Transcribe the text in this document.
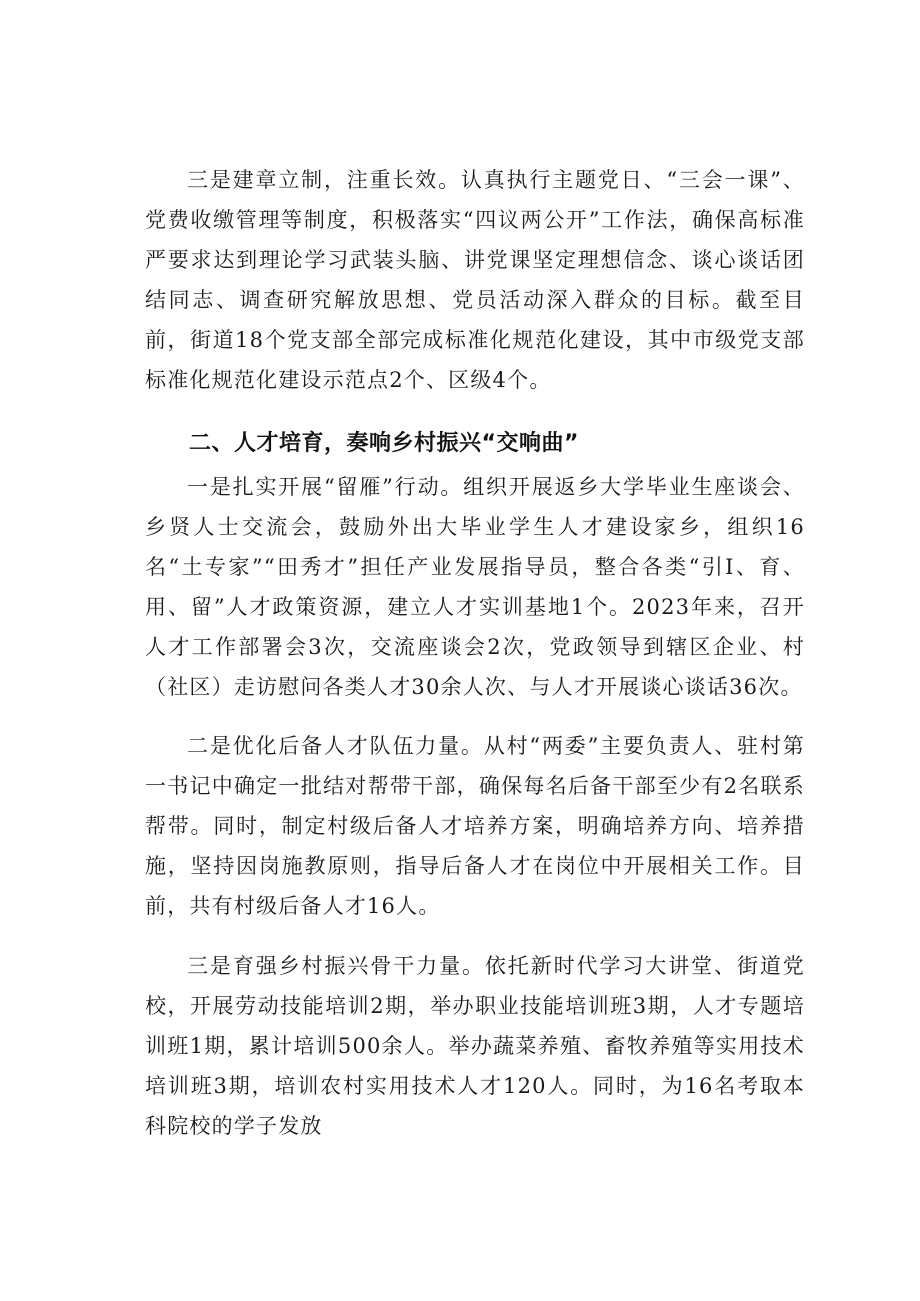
三是建章立制，注重长效。认真执行主题党日、“三会一课”、党费收缴管理等制度，积极落实“四议两公开”工作法，确保高标准严要求达到理论学习武装头脑、讲党课坚定理想信念、谈心谈话团结同志、调查研究解放思想、党员活动深入群众的目标。截至目前，街道18个党支部全部完成标准化规范化建设，其中市级党支部标准化规范化建设示范点2个、区级4个。

二、人才培育，奏响乡村振兴“交响曲”

一是扎实开展“留雁”行动。组织开展返乡大学毕业生座谈会、乡贤人士交流会，鼓励外出大毕业学生人才建设家乡，组织16名“土专家”“田秀才”担任产业发展指导员，整合各类“引I、育、用、留”人才政策资源，建立人才实训基地1个。2023年来，召开人才工作部署会3次，交流座谈会2次，党政领导到辖区企业、村（社区）走访慰问各类人才30余人次、与人才开展谈心谈话36次。

二是优化后备人才队伍力量。从村“两委”主要负责人、驻村第一书记中确定一批结对帮带干部，确保每名后备干部至少有2名联系帮带。同时，制定村级后备人才培养方案，明确培养方向、培养措施，坚持因岗施教原则，指导后备人才在岗位中开展相关工作。目前，共有村级后备人才16人。

三是育强乡村振兴骨干力量。依托新时代学习大讲堂、街道党校，开展劳动技能培训2期，举办职业技能培训班3期，人才专题培训班1期，累计培训500余人。举办蔬菜养殖、畜牧养殖等实用技术培训班3期，培训农村实用技术人才120人。同时，为16名考取本科院校的学子发放
